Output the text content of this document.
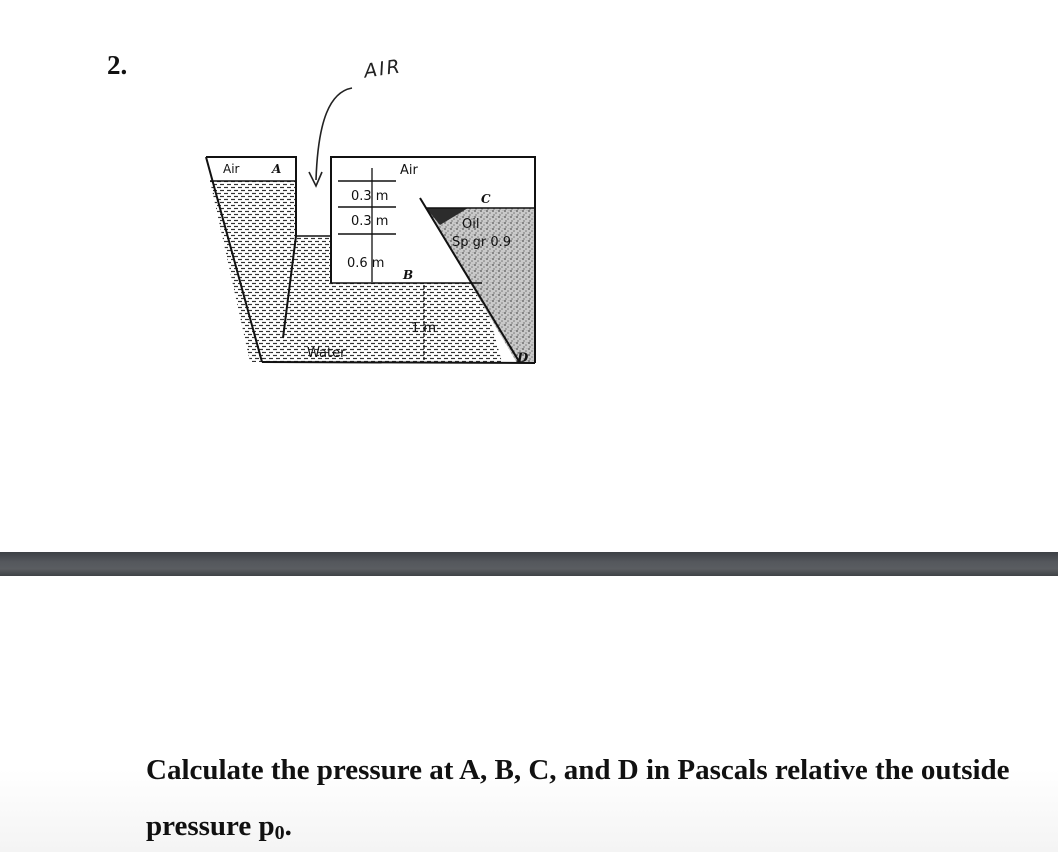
2.	AIR
Air	A	Air
0.3 m
0.3 m
0.6 m
B
C
Oil
Sp gr 0.9
1 m
Water	D
Calculate the pressure at A, B, C, and D in Pascals relative the outside pressure p0.
